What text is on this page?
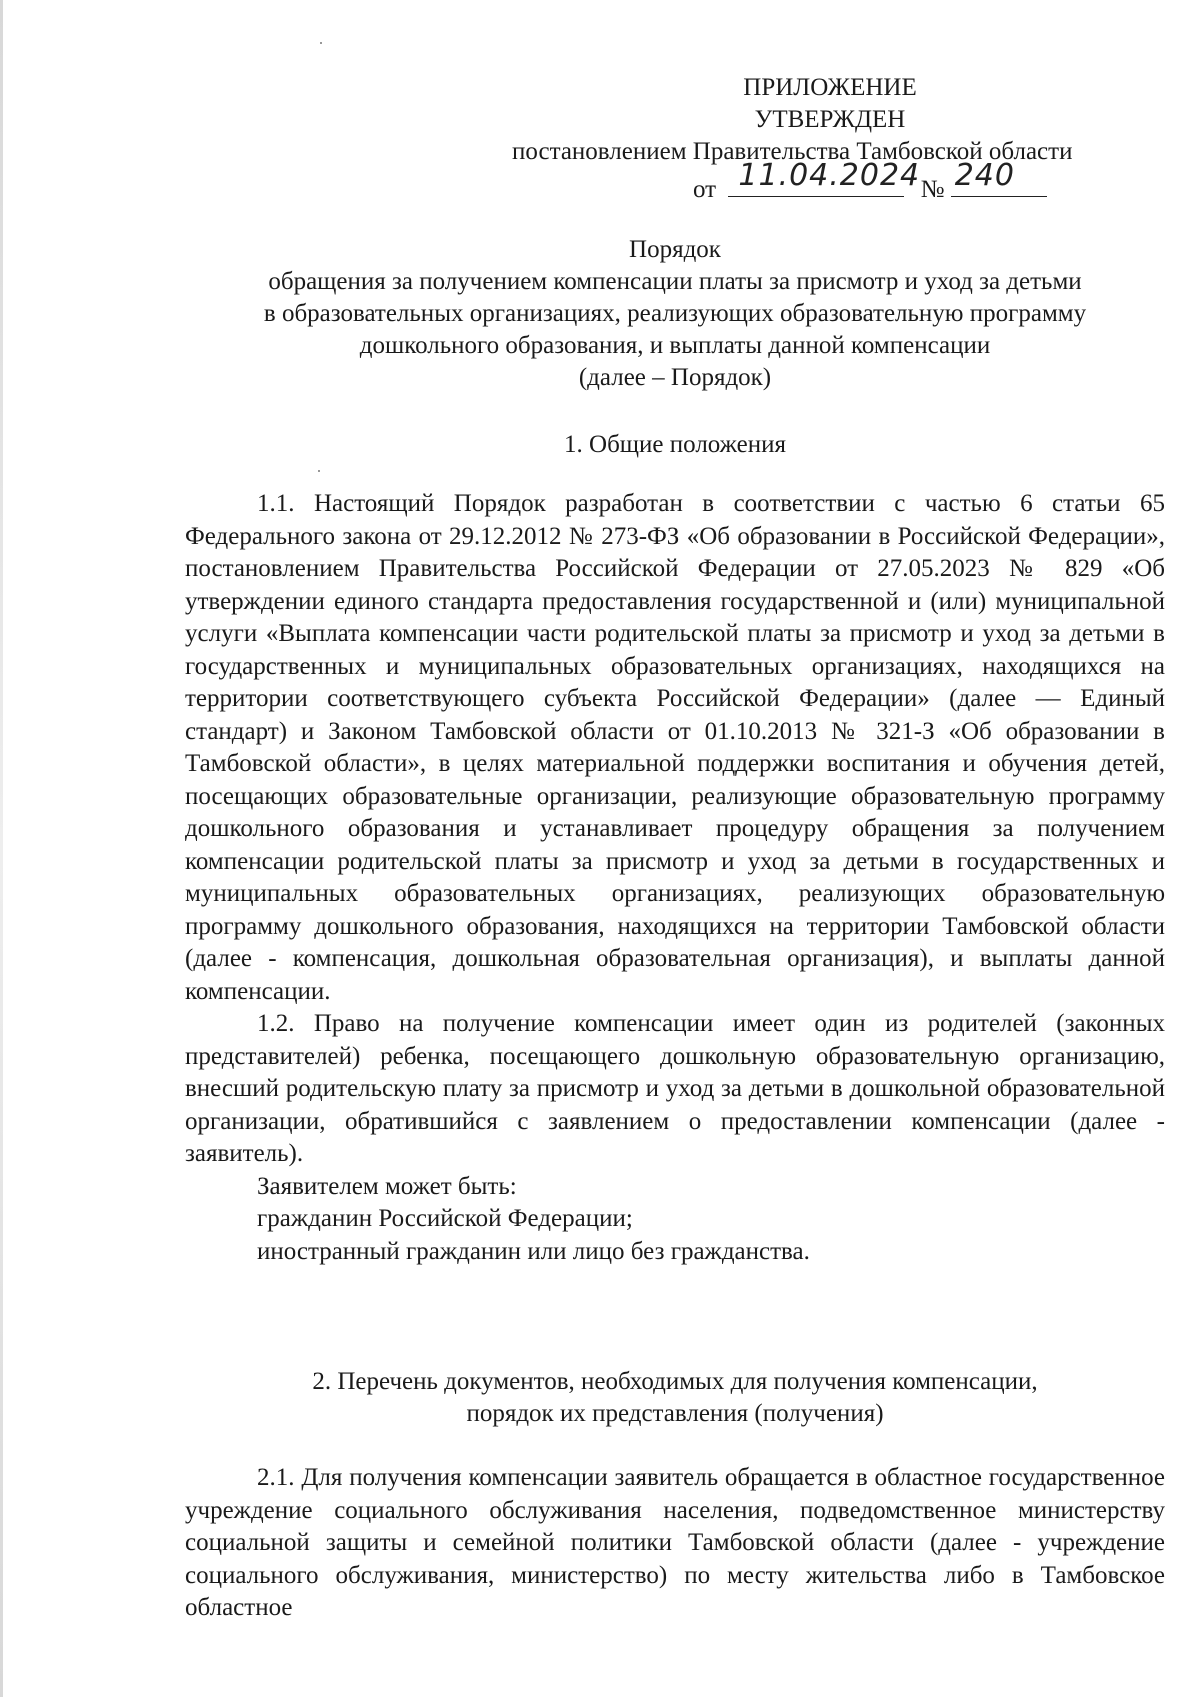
ПРИЛОЖЕНИЕ
УТВЕРЖДЕН
постановлением Правительства Тамбовской области
от 11.04.2024 № 240
Порядок
обращения за получением компенсации платы за присмотр и уход за детьми
в образовательных организациях, реализующих образовательную программу
дошкольного образования, и выплаты данной компенсации
(далее – Порядок)
1. Общие положения

1.1. Настоящий Порядок разработан в соответствии с частью 6 статьи 65 Федерального закона от 29.12.2012 № 273-ФЗ «Об образовании в Российской Федерации», постановлением Правительства Российской Федерации от 27.05.2023 № 829 «Об утверждении единого стандарта предоставления государственной и (или) муниципальной услуги «Выплата компенсации части родительской платы за присмотр и уход за детьми в государственных и муниципальных образовательных организациях, находящихся на территории соответствующего субъекта Российской Федерации» (далее — Единый стандарт) и Законом Тамбовской области от 01.10.2013 № 321-З «Об образовании в Тамбовской области», в целях материальной поддержки воспитания и обучения детей, посещающих образовательные организации, реализующие образовательную программу дошкольного образования и устанавливает процедуру обращения за получением компенсации родительской платы за присмотр и уход за детьми в государственных и муниципальных образовательных организациях, реализующих образовательную программу дошкольного образования, находящихся на территории Тамбовской области (далее - компенсация, дошкольная образовательная организация), и выплаты данной компенсации.

1.2. Право на получение компенсации имеет один из родителей (законных представителей) ребенка, посещающего дошкольную образовательную организацию, внесший родительскую плату за присмотр и уход за детьми в дошкольной образовательной организации, обратившийся с заявлением о предоставлении компенсации (далее - заявитель).

Заявителем может быть:

гражданин Российской Федерации;

иностранный гражданин или лицо без гражданства.

2. Перечень документов, необходимых для получения компенсации,
порядок их представления (получения)

2.1. Для получения компенсации заявитель обращается в областное государственное учреждение социального обслуживания населения, подведомственное министерству социальной защиты и семейной политики Тамбовской области (далее - учреждение социального обслуживания, министерство) по месту жительства либо в Тамбовское областное
